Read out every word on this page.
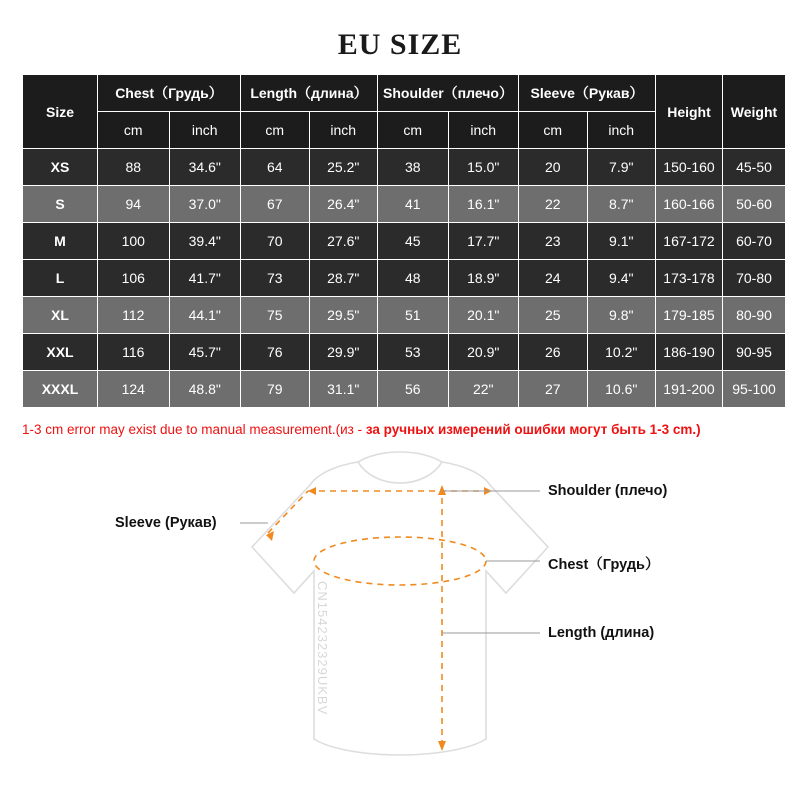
EU SIZE
Size	Chest（Грудь）		Length（длина）		Shoulder（плечо）		Sleeve（Рукав）		Height	Weight
	cm	inch	cm	inch	cm	inch	cm	inch		
XS	88	34.6"	64	25.2"	38	15.0"	20	7.9"	150-160	45-50
S	94	37.0"	67	26.4"	41	16.1"	22	8.7"	160-166	50-60
M	100	39.4"	70	27.6"	45	17.7"	23	9.1"	167-172	60-70
L	106	41.7"	73	28.7"	48	18.9"	24	9.4"	173-178	70-80
XL	112	44.1"	75	29.5"	51	20.1"	25	9.8"	179-185	80-90
XXL	116	45.7"	76	29.9"	53	20.9"	26	10.2"	186-190	90-95
XXXL	124	48.8"	79	31.1"	56	22"	27	10.6"	191-200	95-100
1-3 cm error may exist due to manual measurement.(из - за ручных измерений ошибки могут быть 1-3 cm.)
Shoulder (плечо)
Sleeve (Рукав)
Chest（Грудь）
Length (длина)
CN154232329UKBV
